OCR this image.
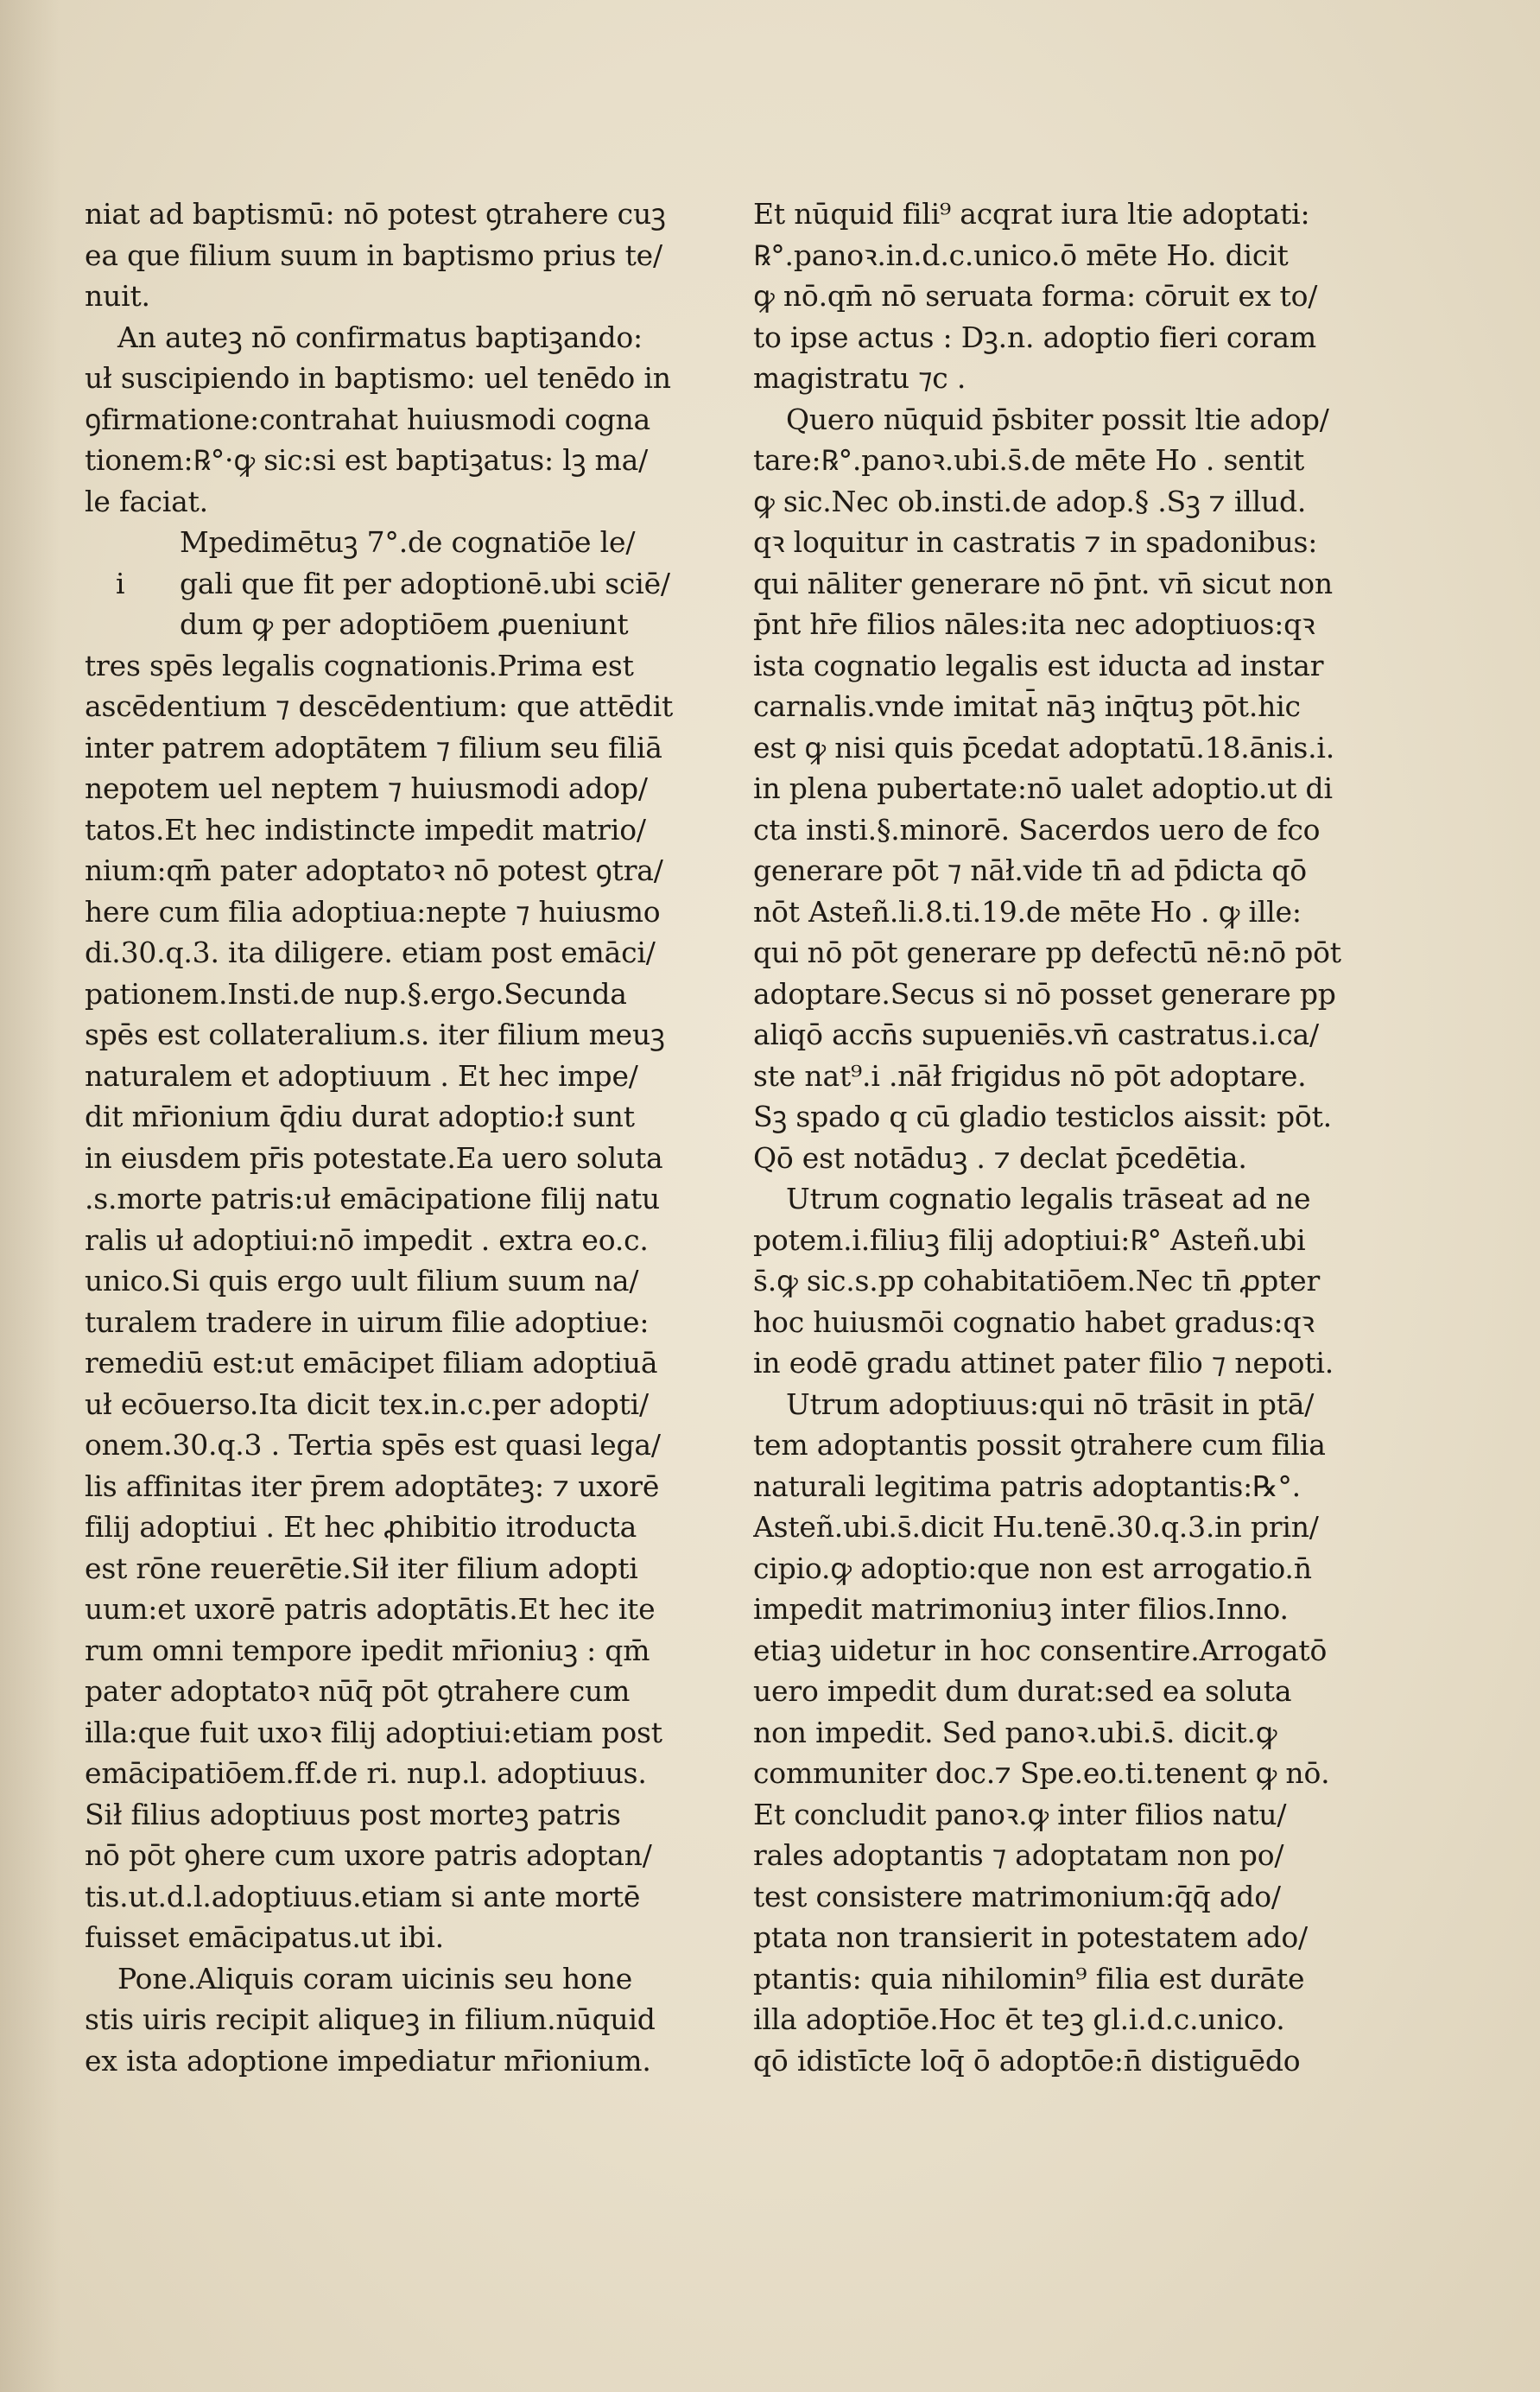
niat ad baptismū: nō potest ꝯtrahere cuꝫ
ea que filium suum in baptismo prius te/
nuit.
An auteꝫ nō confirmatus baptiꝫando:
uł suscipiendo in baptismo: uel tenēdo in
ꝯfirmatione:contrahat huiusmodi cogna
tionem:℞°·ꝙ sic:si est baptiꝫatus: lꝫ ma/
le faciat.
Mpedimētuꝫ 7°.de cognatiōe le/
i gali que fit per adoptionē.ubi sciē/
dum ꝙ per adoptiōem ꝓueniunt
tres spēs legalis cognationis.Prima est
ascēdentium ⁊ descēdentium: que attēdit
inter patrem adoptātem ⁊ filium seu filiā
nepotem uel neptem ⁊ huiusmodi adop/
tatos.Et hec indistincte impedit matrio/
nium:qm̄ pater adoptatoꝛ nō potest ꝯtra/
here cum filia adoptiua:nepte ⁊ huiusmo
di.30.q.3. ita diligere. etiam post emāci/
pationem.Insti.de nup.§.ergo.Secunda
spēs est collateralium.s. iter filium meuꝫ
naturalem et adoptiuum . Et hec impe/
dit mr̄ionium q̄diu durat adoptio:ł sunt
in eiusdem pr̄is potestate.Ea uero soluta
.s.morte patris:uł emācipatione filij natu
ralis uł adoptiui:nō impedit . extra eo.c.
unico.Si quis ergo uult filium suum na/
turalem tradere in uirum filie adoptiue:
remediū est:ut emācipet filiam adoptiuā
uł ecōuerso.Ita dicit tex.in.c.per adopti/
onem.30.q.3 . Tertia spēs est quasi lega/
lis affinitas iter p̄rem adoptāteꝫ: ⁊ uxorē
filij adoptiui . Et hec ꝓhibitio itroducta
est rōne reuerētie.Sił iter filium adopti
uum:et uxorē patris adoptātis.Et hec ite
rum omni tempore ipedit mr̄ioniuꝫ : qm̄
pater adoptatoꝛ nūq̄ pōt ꝯtrahere cum
illa:que fuit uxoꝛ filij adoptiui:etiam post
emācipatiōem.ff.de ri. nup.l. adoptiuus.
Sił filius adoptiuus post morteꝫ patris
nō pōt ꝯhere cum uxore patris adoptan/
tis.ut.d.l.adoptiuus.etiam si ante mortē
fuisset emācipatus.ut ibi.
Pone.Aliquis coram uicinis seu hone
stis uiris recipit aliqueꝫ in filium.nūquid
ex ista adoptione impediatur mr̄ionium.
Et nūquid fili⁹ acqrat iura ltie adoptati:
℞°.panoꝛ.in.d.c.unico.ō mēte Ho. dicit
ꝙ nō.qm̄ nō seruata forma: cōruit ex to/
to ipse actus : Dꝫ.n. adoptio fieri coram
magistratu ⁊c .
Quero nūquid p̄sbiter possit ltie adop/
tare:℞°.panoꝛ.ubi.s̄.de mēte Ho . sentit
ꝙ sic.Nec ob.insti.de adop.§ .Sꝫ ⁊ illud.
qꝛ loquitur in castratis ⁊ in spadonibus:
qui nāliter generare nō p̄nt. vn̄ sicut non
p̄nt hr̄e filios nāles:ita nec adoptiuos:qꝛ
ista cognatio legalis est iducta ad instar
carnalis.vnde imitat̄ nāꝫ inq̄tuꝫ pōt.hic
est ꝙ nisi quis p̄cedat adoptatū.18.ānis.i.
in plena pubertate:nō ualet adoptio.ut di
cta insti.§.minorē. Sacerdos uero de fco
generare pōt ⁊ nāł.vide tn̄ ad p̄dicta qō
nōt Asteñ.li.8.ti.19.de mēte Ho . ꝙ ille:
qui nō pōt generare pp defectū nē:nō pōt
adoptare.Secus si nō posset generare pp
aliqō accn̄s supueniēs.vn̄ castratus.i.ca/
ste nat⁹.i .nāł frigidus nō pōt adoptare.
Sꝫ spado q cū gladio testiclos aissit: pōt.
Qō est notāduꝫ . ⁊ declat p̄cedētia.
Utrum cognatio legalis trāseat ad ne
potem.i.filiuꝫ filij adoptiui:℞° Asteñ.ubi
s̄.ꝙ sic.s.pp cohabitatiōem.Nec tn̄ ꝓpter
hoc huiusmōi cognatio habet gradus:qꝛ
in eodē gradu attinet pater filio ⁊ nepoti.
Utrum adoptiuus:qui nō trāsit in ptā/
tem adoptantis possit ꝯtrahere cum filia
naturali legitima patris adoptantis:℞°.
Asteñ.ubi.s̄.dicit Hu.tenē.30.q.3.in prin/
cipio.ꝙ adoptio:que non est arrogatio.n̄
impedit matrimoniuꝫ inter filios.Inno.
etiaꝫ uidetur in hoc consentire.Arrogatō
uero impedit dum durat:sed ea soluta
non impedit. Sed panoꝛ.ubi.s̄. dicit.ꝙ
communiter doc.⁊ Spe.eo.ti.tenent ꝙ nō.
Et concludit panoꝛ.ꝙ inter filios natu/
rales adoptantis ⁊ adoptatam non po/
test consistere matrimonium:q̄q̄ ado/
ptata non transierit in potestatem ado/
ptantis: quia nihilomin⁹ filia est durāte
illa adoptiōe.Hoc ēt teꝫ gl.i.d.c.unico.
qō idistīcte loq̄ ō adoptōe:n̄ distiguēdo
